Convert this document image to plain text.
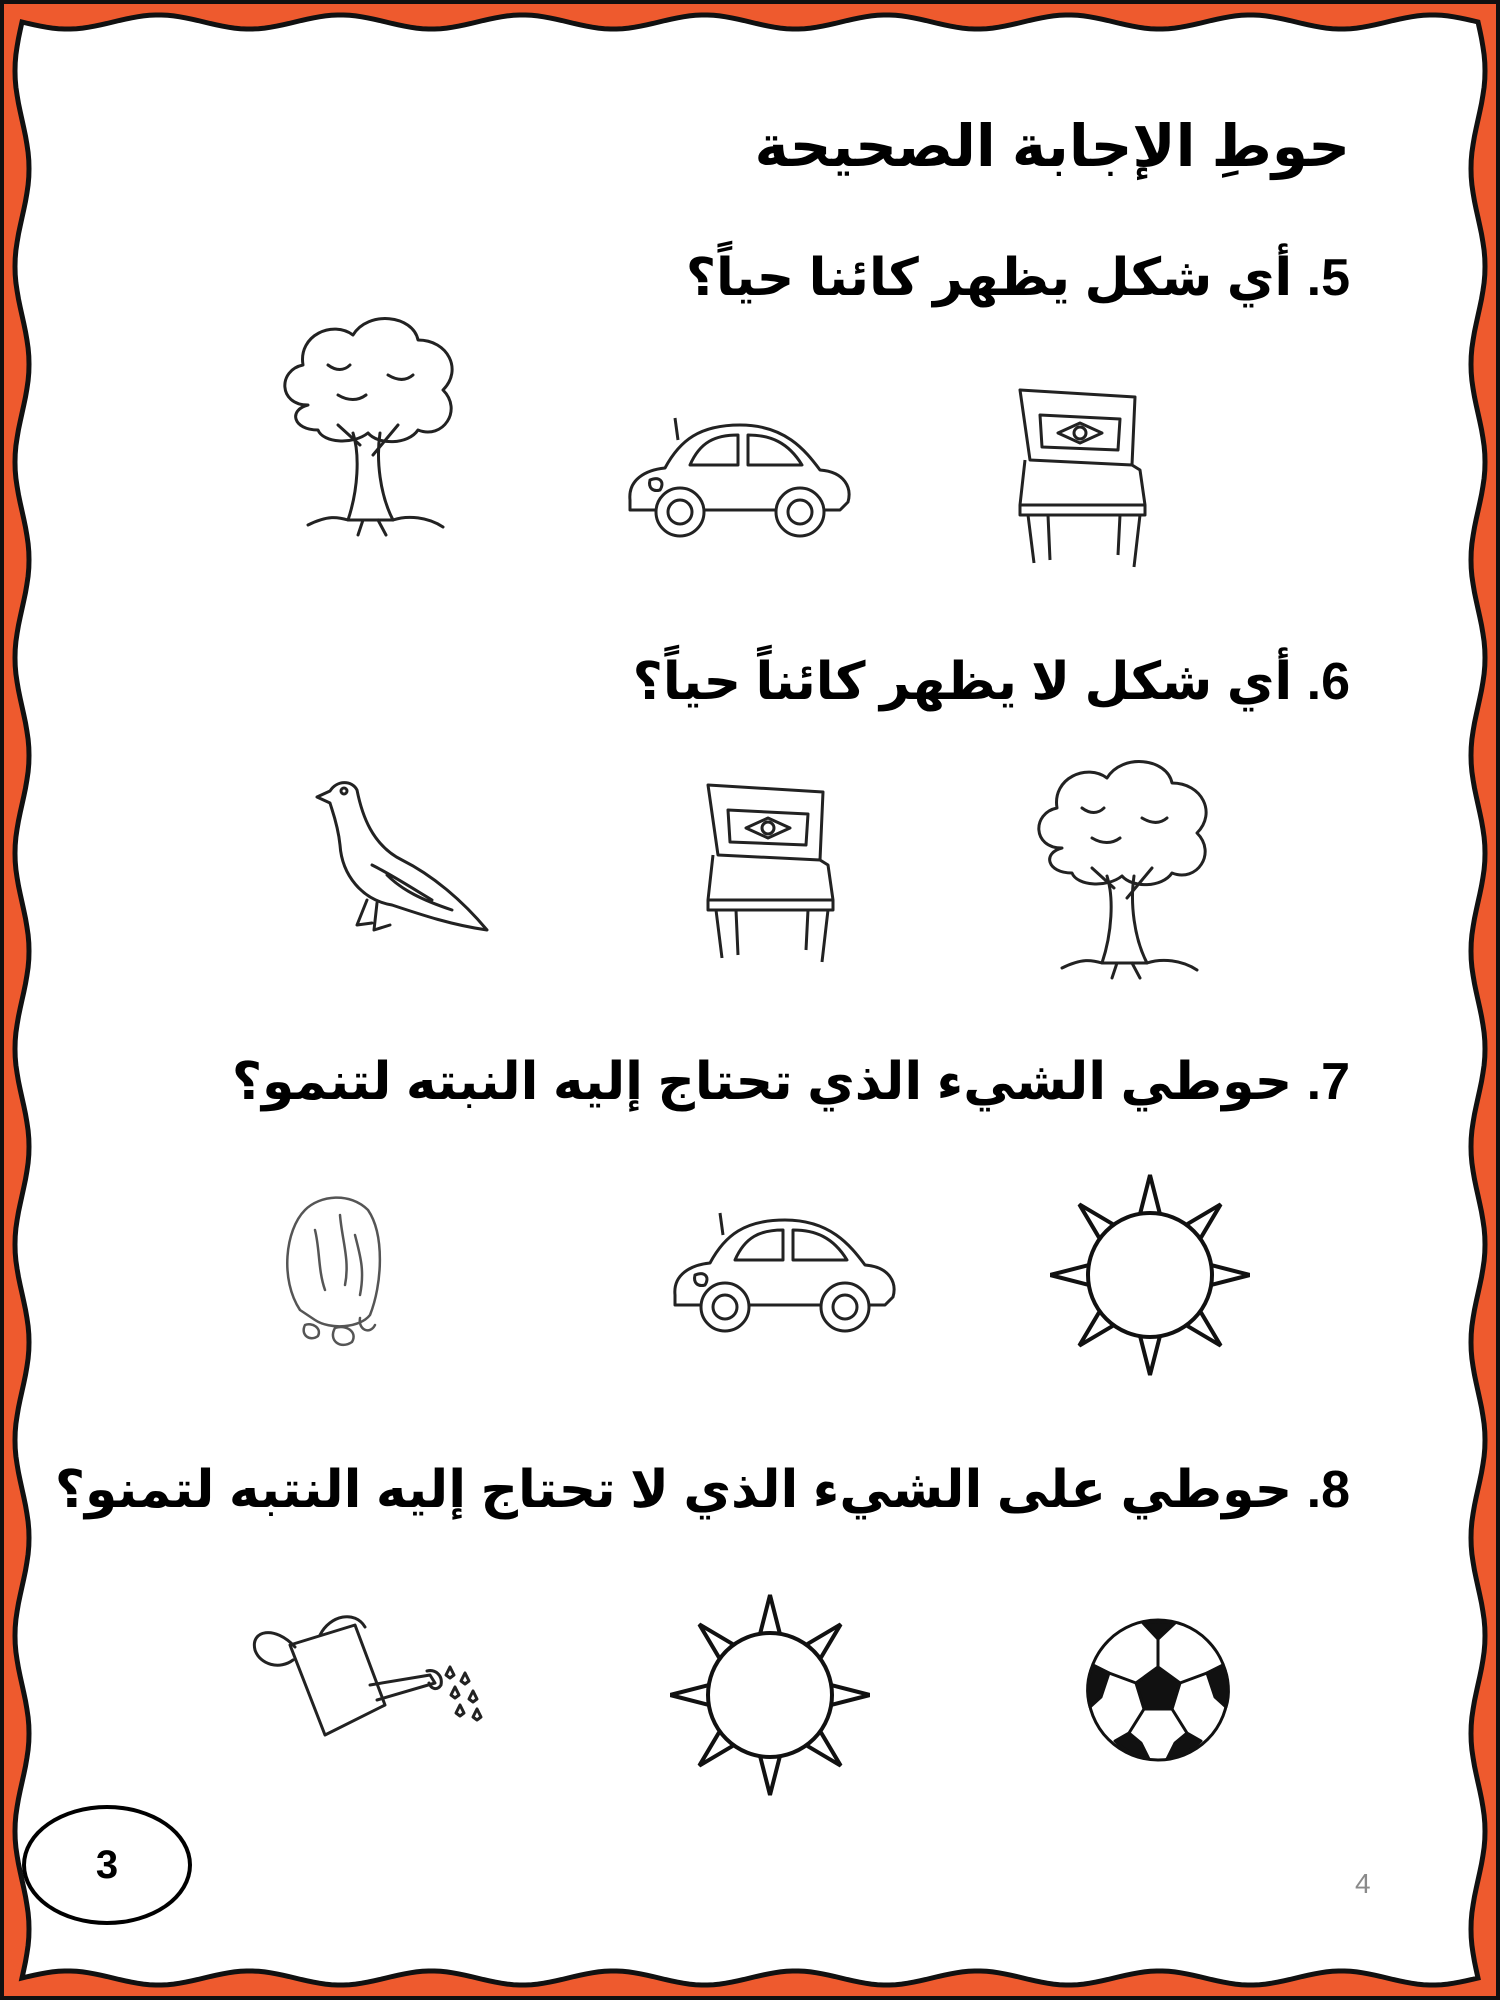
حوطِ الإجابة الصحيحة
5. أي شكل يظهر كائنا حياً؟
6. أي شكل لا يظهر كائناً حياً؟
7. حوطي الشيء الذي تحتاج إليه النبته لتنمو؟
8. حوطي على الشيء الذي لا تحتاج إليه النتبه لتمنو؟
3	4
